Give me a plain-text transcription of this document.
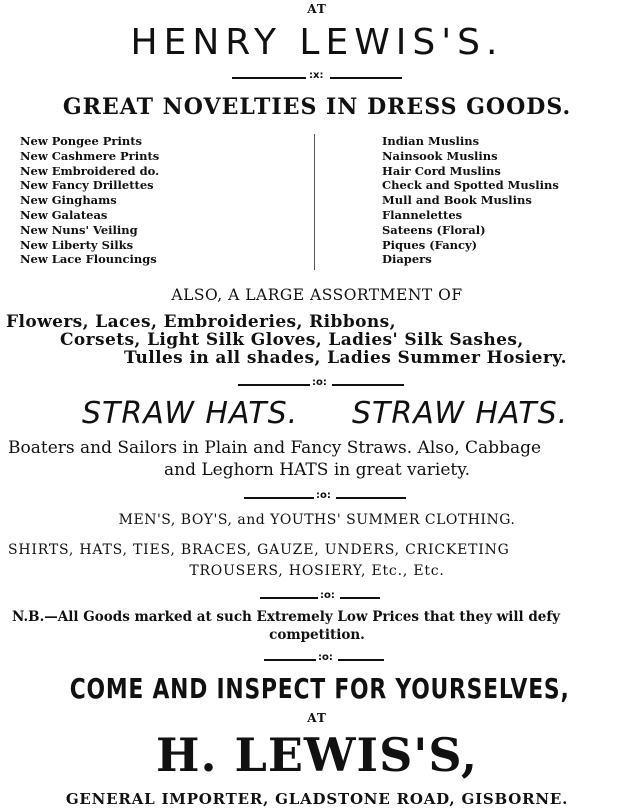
AT
HENRY LEWIS'S.
:x:
GREAT NOVELTIES IN DRESS GOODS.
New Pongee Prints
New Cashmere Prints
New Embroidered do.
New Fancy Drillettes
New Ginghams
New Galateas
New Nuns' Veiling
New Liberty Silks
New Lace Flouncings
Indian Muslins
Nainsook Muslins
Hair Cord Muslins
Check and Spotted Muslins
Mull and Book Muslins
Flannelettes
Sateens (Floral)
Piques (Fancy)
Diapers
ALSO, A LARGE ASSORTMENT OF
Flowers, Laces, Embroideries, Ribbons,
Corsets, Light Silk Gloves, Ladies' Silk Sashes,
Tulles in all shades, Ladies Summer Hosiery.
:o:
STRAW HATS. STRAW HATS.
Boaters and Sailors in Plain and Fancy Straws. Also, Cabbage
and Leghorn HATS in great variety.
:o:
MEN'S, BOY'S, and YOUTHS' SUMMER CLOTHING.
SHIRTS, HATS, TIES, BRACES, GAUZE, UNDERS, CRICKETING
TROUSERS, HOSIERY, Etc., Etc.
:o:
N.B.—All Goods marked at such Extremely Low Prices that they will defy
competition.
:o:
COME AND INSPECT FOR YOURSELVES,
AT
H. LEWIS'S,
GENERAL IMPORTER, GLADSTONE ROAD, GISBORNE.
